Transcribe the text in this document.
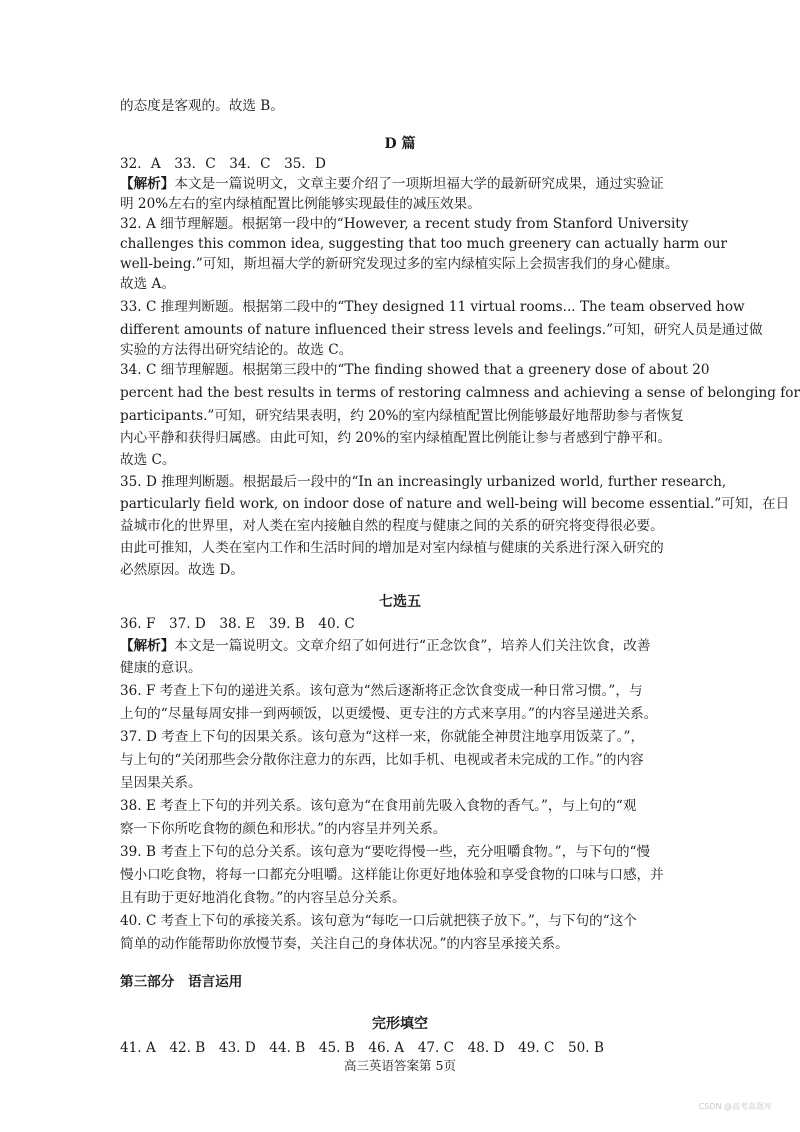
的态度是客观的。故选 B。
D 篇
32．A　33．C　34．C　35．D
【解析】本文是一篇说明文，文章主要介绍了一项斯坦福大学的最新研究成果，通过实验证
明 20%左右的室内绿植配置比例能够实现最佳的减压效果。
32. A 细节理解题。根据第一段中的“However, a recent study from Stanford University
challenges this common idea, suggesting that too much greenery can actually harm our
well-being.”可知，斯坦福大学的新研究发现过多的室内绿植实际上会损害我们的身心健康。
故选 A。
33. C 推理判断题。根据第二段中的“They designed 11 virtual rooms... The team observed how
different amounts of nature influenced their stress levels and feelings.”可知，研究人员是通过做
实验的方法得出研究结论的。故选 C。
34. C 细节理解题。根据第三段中的“The finding showed that a greenery dose of about 20
percent had the best results in terms of restoring calmness and achieving a sense of belonging for
participants.”可知，研究结果表明，约 20%的室内绿植配置比例能够最好地帮助参与者恢复
内心平静和获得归属感。由此可知，约 20%的室内绿植配置比例能让参与者感到宁静平和。
故选 C。
35. D 推理判断题。根据最后一段中的“In an increasingly urbanized world, further research,
particularly field work, on indoor dose of nature and well-being will become essential.”可知，在日
益城市化的世界里，对人类在室内接触自然的程度与健康之间的关系的研究将变得很必要。
由此可推知，人类在室内工作和生活时间的增加是对室内绿植与健康的关系进行深入研究的
必然原因。故选 D。
七选五
36. F　37. D　38. E　39. B　40. C
【解析】本文是一篇说明文。文章介绍了如何进行“正念饮食”，培养人们关注饮食，改善
健康的意识。
36. F 考查上下句的递进关系。该句意为“然后逐渐将正念饮食变成一种日常习惯。”，与
上句的“尽量每周安排一到两顿饭，以更缓慢、更专注的方式来享用。”的内容呈递进关系。
37. D 考查上下句的因果关系。该句意为“这样一来，你就能全神贯注地享用饭菜了。”，
与上句的“关闭那些会分散你注意力的东西，比如手机、电视或者未完成的工作。”的内容
呈因果关系。
38. E 考查上下句的并列关系。该句意为“在食用前先吸入食物的香气。”，与上句的“观
察一下你所吃食物的颜色和形状。”的内容呈并列关系。
39. B 考查上下句的总分关系。该句意为“要吃得慢一些，充分咀嚼食物。”，与下句的“慢
慢小口吃食物，将每一口都充分咀嚼。这样能让你更好地体验和享受食物的口味与口感，并
且有助于更好地消化食物。”的内容呈总分关系。
40. C 考查上下句的承接关系。该句意为“每吃一口后就把筷子放下。”，与下句的“这个
简单的动作能帮助你放慢节奏，关注自己的身体状况。”的内容呈承接关系。
第三部分　语言运用
完形填空
41. A　42. B　43. D　44. B　45. B　46. A　47. C　48. D　49. C　50. B
高三英语答案第 5页
CSDN @高考真题库
